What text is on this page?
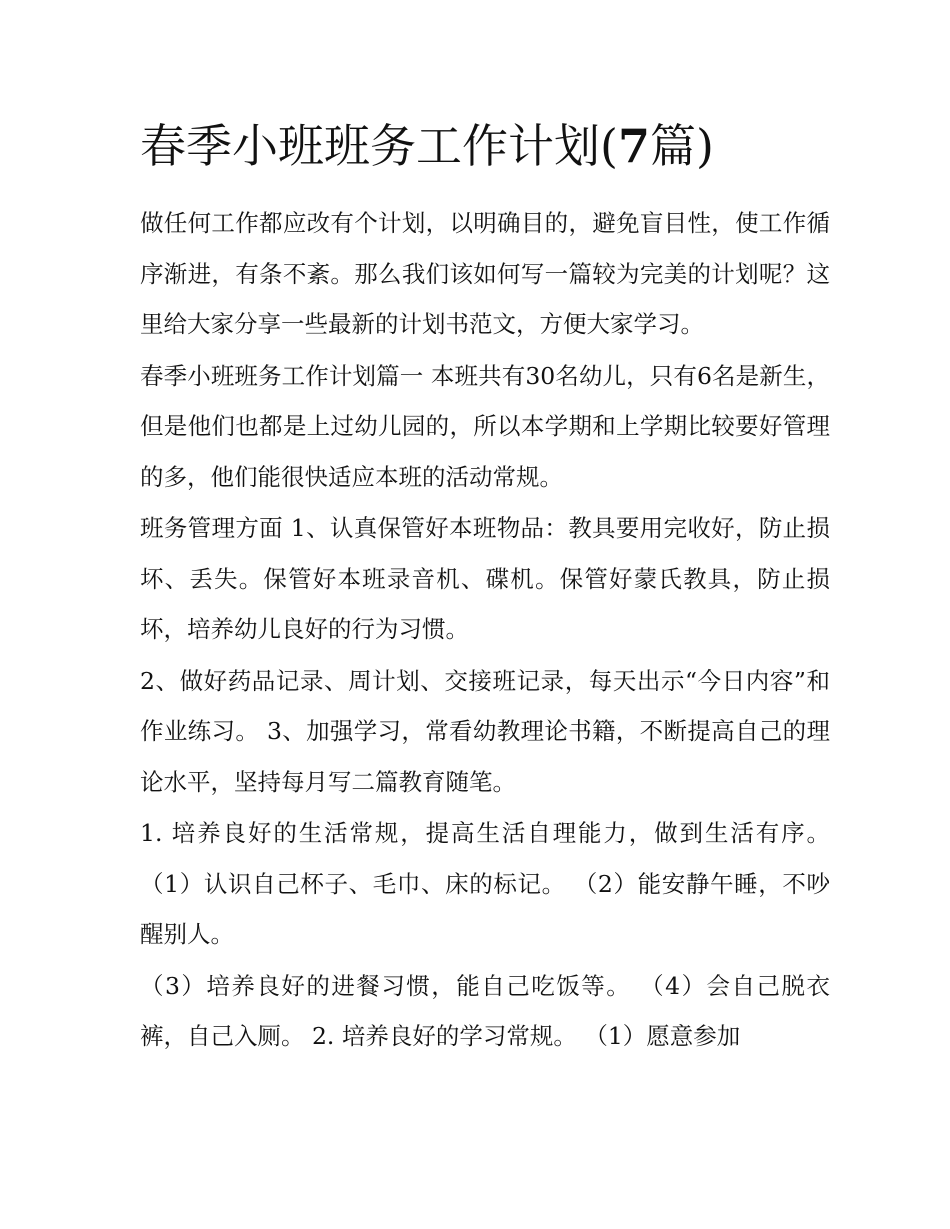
春季小班班务工作计划(7篇)

做任何工作都应改有个计划，以明确目的，避免盲目性，使工作循序渐进，有条不紊。那么我们该如何写一篇较为完美的计划呢？这里给大家分享一些最新的计划书范文，方便大家学习。

春季小班班务工作计划篇一 本班共有30名幼儿，只有6名是新生，但是他们也都是上过幼儿园的，所以本学期和上学期比较要好管理的多，他们能很快适应本班的活动常规。

班务管理方面 1、认真保管好本班物品：教具要用完收好，防止损坏、丢失。保管好本班录音机、碟机。保管好蒙氏教具，防止损坏，培养幼儿良好的行为习惯。

2、做好药品记录、周计划、交接班记录，每天出示“今日内容”和作业练习。 3、加强学习，常看幼教理论书籍，不断提高自己的理论水平，坚持每月写二篇教育随笔。

1. 培养良好的生活常规，提高生活自理能力，做到生活有序。 （1）认识自己杯子、毛巾、床的标记。 （2）能安静午睡，不吵醒别人。

（3）培养良好的进餐习惯，能自己吃饭等。 （4）会自己脱衣裤，自己入厕。 2. 培养良好的学习常规。 （1）愿意参加
